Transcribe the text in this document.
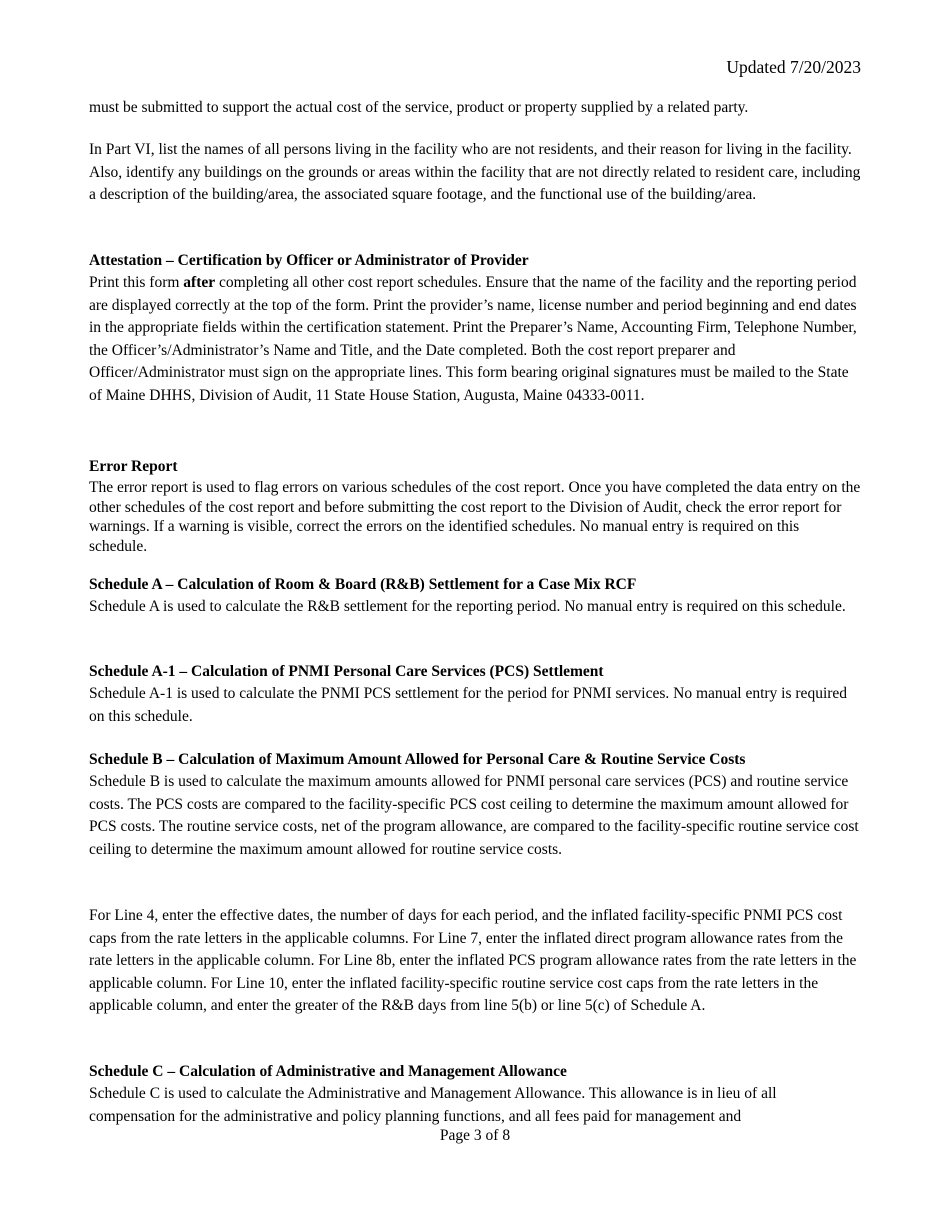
Updated 7/20/2023

must be submitted to support the actual cost of the service, product or property supplied by a related party.

In Part VI, list the names of all persons living in the facility who are not residents, and their reason for living in the facility. Also, identify any buildings on the grounds or areas within the facility that are not directly related to resident care, including a description of the building/area, the associated square footage, and the functional use of the building/area.

Attestation – Certification by Officer or Administrator of Provider

Print this form after completing all other cost report schedules. Ensure that the name of the facility and the reporting period are displayed correctly at the top of the form. Print the provider’s name, license number and period beginning and end dates in the appropriate fields within the certification statement. Print the Preparer’s Name, Accounting Firm, Telephone Number, the Officer’s/Administrator’s Name and Title, and the Date completed. Both the cost report preparer and Officer/Administrator must sign on the appropriate lines. This form bearing original signatures must be mailed to the State of Maine DHHS, Division of Audit, 11 State House Station, Augusta, Maine 04333-0011.

Error Report

The error report is used to flag errors on various schedules of the cost report. Once you have completed the data entry on the other schedules of the cost report and before submitting the cost report to the Division of Audit, check the error report for warnings. If a warning is visible, correct the errors on the identified schedules. No manual entry is required on this schedule.

Schedule A – Calculation of Room & Board (R&B) Settlement for a Case Mix RCF

Schedule A is used to calculate the R&B settlement for the reporting period. No manual entry is required on this schedule.

Schedule A-1 – Calculation of PNMI Personal Care Services (PCS) Settlement

Schedule A-1 is used to calculate the PNMI PCS settlement for the period for PNMI services. No manual entry is required on this schedule.

Schedule B – Calculation of Maximum Amount Allowed for Personal Care & Routine Service Costs

Schedule B is used to calculate the maximum amounts allowed for PNMI personal care services (PCS) and routine service costs. The PCS costs are compared to the facility-specific PCS cost ceiling to determine the maximum amount allowed for PCS costs. The routine service costs, net of the program allowance, are compared to the facility-specific routine service cost ceiling to determine the maximum amount allowed for routine service costs.

For Line 4, enter the effective dates, the number of days for each period, and the inflated facility-specific PNMI PCS cost caps from the rate letters in the applicable columns. For Line 7, enter the inflated direct program allowance rates from the rate letters in the applicable column. For Line 8b, enter the inflated PCS program allowance rates from the rate letters in the applicable column. For Line 10, enter the inflated facility-specific routine service cost caps from the rate letters in the applicable column, and enter the greater of the R&B days from line 5(b) or line 5(c) of Schedule A.

Schedule C – Calculation of Administrative and Management Allowance

Schedule C is used to calculate the Administrative and Management Allowance. This allowance is in lieu of all compensation for the administrative and policy planning functions, and all fees paid for management and

Page 3 of 8
